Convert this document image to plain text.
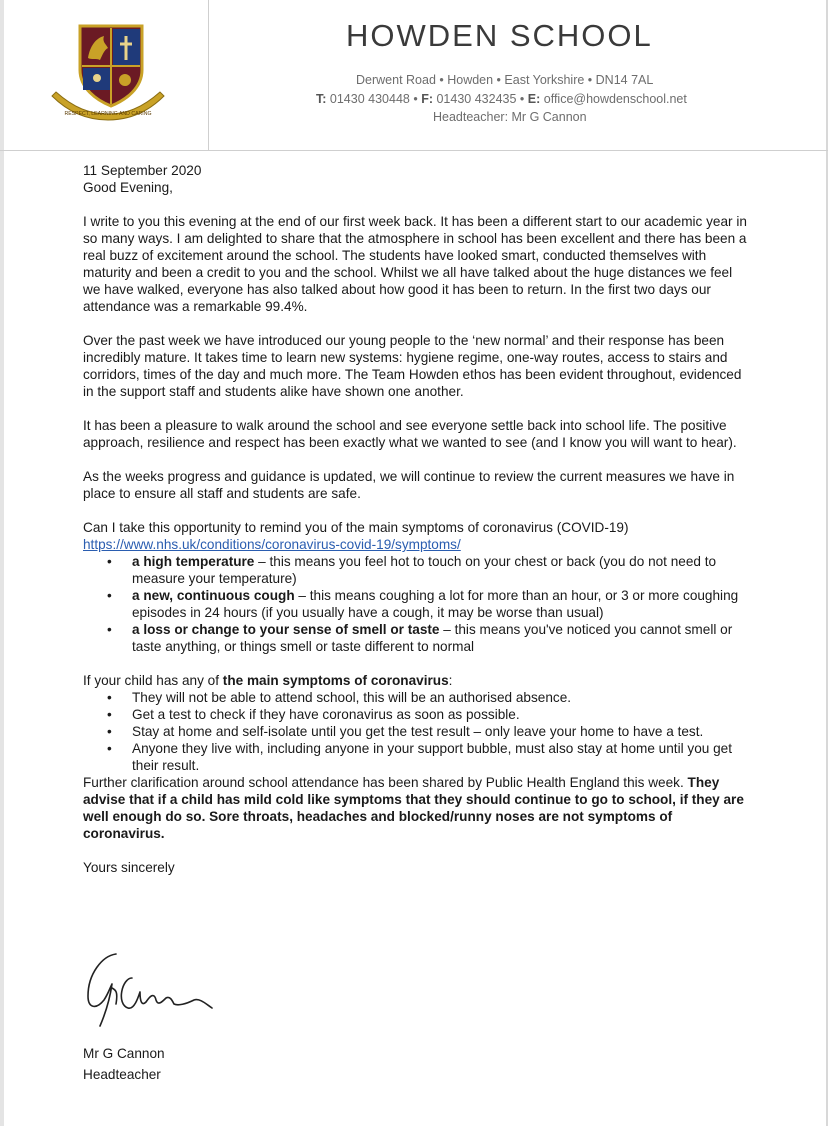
RESPECT, LEARNING AND CARING
HOWDEN SCHOOL
Derwent Road • Howden • East Yorkshire • DN14 7AL
T: 01430 430448 • F: 01430 432435 • E: office@howdenschool.net
Headteacher: Mr G Cannon

11 September 2020

Good Evening,

I write to you this evening at the end of our first week back. It has been a different start to our academic year in so many ways. I am delighted to share that the atmosphere in school has been excellent and there has been a real buzz of excitement around the school. The students have looked smart, conducted themselves with maturity and been a credit to you and the school. Whilst we all have talked about the huge distances we feel we have walked, everyone has also talked about how good it has been to return. In the first two days our attendance was a remarkable 99.4%.

Over the past week we have introduced our young people to the ‘new normal’ and their response has been incredibly mature. It takes time to learn new systems: hygiene regime, one-way routes, access to stairs and corridors, times of the day and much more. The Team Howden ethos has been evident throughout, evidenced in the support staff and students alike have shown one another.

It has been a pleasure to walk around the school and see everyone settle back into school life. The positive approach, resilience and respect has been exactly what we wanted to see (and I know you will want to hear).

As the weeks progress and guidance is updated, we will continue to review the current measures we have in place to ensure all staff and students are safe.

Can I take this opportunity to remind you of the main symptoms of coronavirus (COVID-19)

https://www.nhs.uk/conditions/coronavirus-covid-19/symptoms/

• a high temperature – this means you feel hot to touch on your chest or back (you do not need to measure your temperature)
• a new, continuous cough – this means coughing a lot for more than an hour, or 3 or more coughing episodes in 24 hours (if you usually have a cough, it may be worse than usual)
• a loss or change to your sense of smell or taste – this means you've noticed you cannot smell or taste anything, or things smell or taste different to normal

If your child has any of the main symptoms of coronavirus:

• They will not be able to attend school, this will be an authorised absence.
• Get a test to check if they have coronavirus as soon as possible.
• Stay at home and self-isolate until you get the test result – only leave your home to have a test.
• Anyone they live with, including anyone in your support bubble, must also stay at home until you get their result.

Further clarification around school attendance has been shared by Public Health England this week. They advise that if a child has mild cold like symptoms that they should continue to go to school, if they are well enough do so. Sore throats, headaches and blocked/runny noses are not symptoms of coronavirus.

Yours sincerely

Mr G Cannon
Headteacher
